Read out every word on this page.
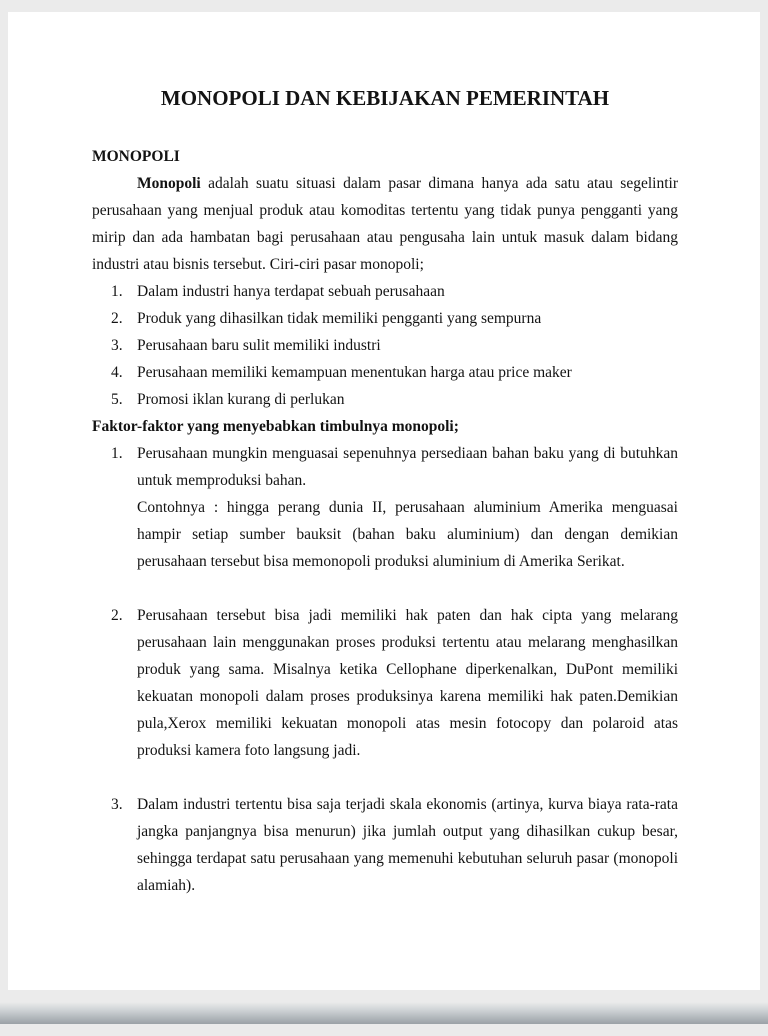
MONOPOLI DAN KEBIJAKAN PEMERINTAH
MONOPOLI

Monopoli adalah suatu situasi dalam pasar dimana hanya ada satu atau segelintir perusahaan yang menjual produk atau komoditas tertentu yang tidak punya pengganti yang mirip dan ada hambatan bagi perusahaan atau pengusaha lain untuk masuk dalam bidang industri atau bisnis tersebut. Ciri-ciri pasar monopoli;

1. Dalam industri hanya terdapat sebuah perusahaan
2. Produk yang dihasilkan tidak memiliki pengganti yang sempurna
3. Perusahaan baru sulit memiliki industri
4. Perusahaan memiliki kemampuan menentukan harga atau price maker
5. Promosi iklan kurang di perlukan
Faktor-faktor yang menyebabkan timbulnya monopoli;
1. Perusahaan mungkin menguasai sepenuhnya persediaan bahan baku yang di butuhkan untuk memproduksi bahan.

Contohnya : hingga perang dunia II, perusahaan aluminium Amerika menguasai hampir setiap sumber bauksit (bahan baku aluminium) dan dengan demikian perusahaan tersebut bisa memonopoli produksi aluminium di Amerika Serikat.

2. Perusahaan tersebut bisa jadi memiliki hak paten dan hak cipta yang melarang perusahaan lain menggunakan proses produksi tertentu atau melarang menghasilkan produk yang sama. Misalnya ketika Cellophane diperkenalkan, DuPont memiliki kekuatan monopoli dalam proses produksinya karena memiliki hak paten.Demikian pula,Xerox memiliki kekuatan monopoli atas mesin fotocopy dan polaroid atas produksi kamera foto langsung jadi.

3. Dalam industri tertentu bisa saja terjadi skala ekonomis (artinya, kurva biaya rata-rata jangka panjangnya bisa menurun) jika jumlah output yang dihasilkan cukup besar, sehingga terdapat satu perusahaan yang memenuhi kebutuhan seluruh pasar (monopoli alamiah).
